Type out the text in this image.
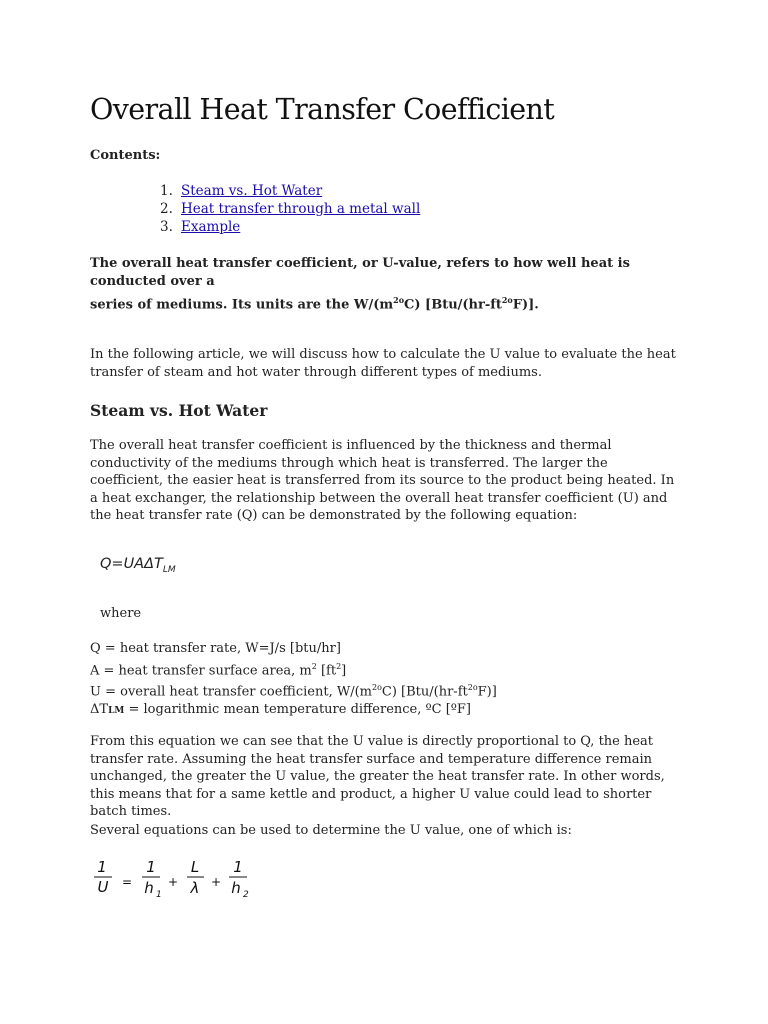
Overall Heat Transfer Coefficient
Contents:
1. Steam vs. Hot Water
2. Heat transfer through a metal wall
3. Example

The overall heat transfer coefficient, or U-value, refers to how well heat is conducted over a
series of mediums. Its units are the $W/(m^{2o}C)$ $[Btu/(hr-ft^{2o}F)]$.

In the following article, we will discuss how to calculate the U value to evaluate the heat transfer of steam and hot water through different types of mediums.

Steam vs. Hot Water

The overall heat transfer coefficient is influenced by the thickness and thermal conductivity of the mediums through which heat is transferred. The larger the coefficient, the easier heat is transferred from its source to the product being heated. In a heat exchanger, the relationship between the overall heat transfer coefficient (U) and the heat transfer rate (Q) can be demonstrated by the following equation:

$Q=UA\Delta T_{LM}$
where
Q = heat transfer rate, W=J/s [btu/hr]
A = heat transfer surface area, $m^2$ $[ft^2]$
U = overall heat transfer coefficient, $W/(m^{2o}C)$ $[Btu/(hr-ft^{2o}F)]$
ΔTLM = logarithmic mean temperature difference, ºC [ºF]

From this equation we can see that the U value is directly proportional to Q, the heat transfer rate. Assuming the heat transfer surface and temperature difference remain unchanged, the greater the U value, the greater the heat transfer rate. In other words, this means that for a same kettle and product, a higher U value could lead to shorter batch times.

Several equations can be used to determine the U value, one of which is:

1
U =
1
h 1
+
L
λ +
1
h 2
